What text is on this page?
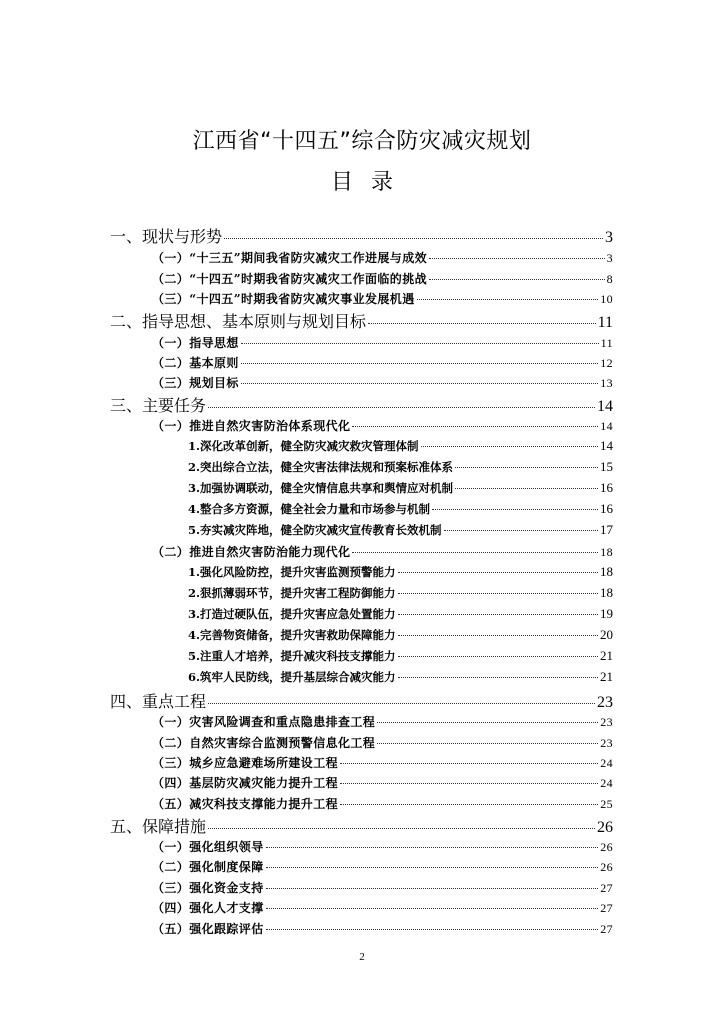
江西省“十四五”综合防灾减灾规划
目 录
一、现状与形势	3
（一）“十三五”期间我省防灾减灾工作进展与成效	3
（二）“十四五”时期我省防灾减灾工作面临的挑战	8
（三）“十四五”时期我省防灾减灾事业发展机遇	10
二、指导思想、基本原则与规划目标	11
（一）指导思想	11
（二）基本原则	12
（三）规划目标	13
三、主要任务	14
（一）推进自然灾害防治体系现代化	14
1.深化改革创新，健全防灾减灾救灾管理体制	14
2.突出综合立法，健全灾害法律法规和预案标准体系	15
3.加强协调联动，健全灾情信息共享和舆情应对机制	16
4.整合多方资源，健全社会力量和市场参与机制	16
5.夯实减灾阵地，健全防灾减灾宣传教育长效机制	17
（二）推进自然灾害防治能力现代化	18
1.强化风险防控，提升灾害监测预警能力	18
2.狠抓薄弱环节，提升灾害工程防御能力	18
3.打造过硬队伍，提升灾害应急处置能力	19
4.完善物资储备，提升灾害救助保障能力	20
5.注重人才培养，提升减灾科技支撑能力	21
6.筑牢人民防线，提升基层综合减灾能力	21
四、重点工程	23
（一）灾害风险调查和重点隐患排查工程	23
（二）自然灾害综合监测预警信息化工程	23
（三）城乡应急避难场所建设工程	24
（四）基层防灾减灾能力提升工程	24
（五）减灾科技支撑能力提升工程	25
五、保障措施	26
（一）强化组织领导	26
（二）强化制度保障	26
（三）强化资金支持	27
（四）强化人才支撑	27
（五）强化跟踪评估	27
2
